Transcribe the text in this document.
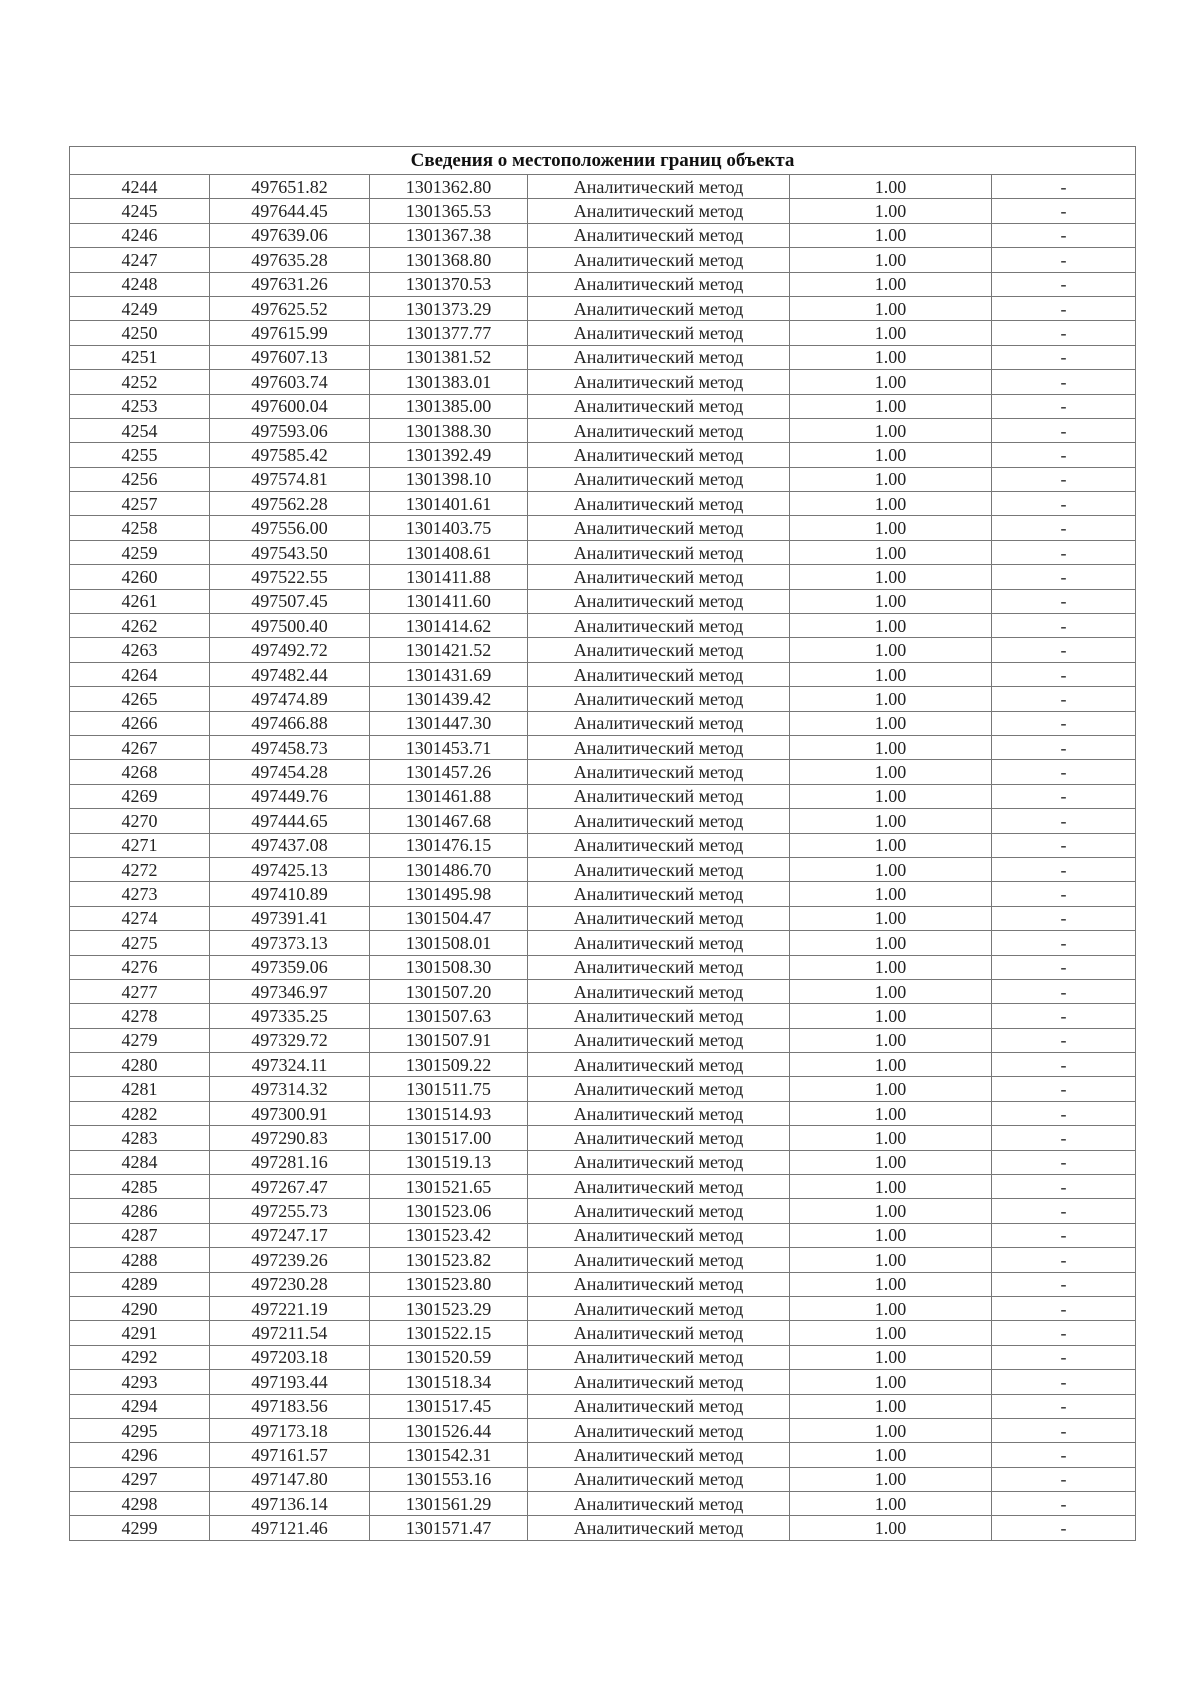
Сведения о местоположении границ объекта					
4244	497651.82	1301362.80	Аналитический метод	1.00	-
4245	497644.45	1301365.53	Аналитический метод	1.00	-
4246	497639.06	1301367.38	Аналитический метод	1.00	-
4247	497635.28	1301368.80	Аналитический метод	1.00	-
4248	497631.26	1301370.53	Аналитический метод	1.00	-
4249	497625.52	1301373.29	Аналитический метод	1.00	-
4250	497615.99	1301377.77	Аналитический метод	1.00	-
4251	497607.13	1301381.52	Аналитический метод	1.00	-
4252	497603.74	1301383.01	Аналитический метод	1.00	-
4253	497600.04	1301385.00	Аналитический метод	1.00	-
4254	497593.06	1301388.30	Аналитический метод	1.00	-
4255	497585.42	1301392.49	Аналитический метод	1.00	-
4256	497574.81	1301398.10	Аналитический метод	1.00	-
4257	497562.28	1301401.61	Аналитический метод	1.00	-
4258	497556.00	1301403.75	Аналитический метод	1.00	-
4259	497543.50	1301408.61	Аналитический метод	1.00	-
4260	497522.55	1301411.88	Аналитический метод	1.00	-
4261	497507.45	1301411.60	Аналитический метод	1.00	-
4262	497500.40	1301414.62	Аналитический метод	1.00	-
4263	497492.72	1301421.52	Аналитический метод	1.00	-
4264	497482.44	1301431.69	Аналитический метод	1.00	-
4265	497474.89	1301439.42	Аналитический метод	1.00	-
4266	497466.88	1301447.30	Аналитический метод	1.00	-
4267	497458.73	1301453.71	Аналитический метод	1.00	-
4268	497454.28	1301457.26	Аналитический метод	1.00	-
4269	497449.76	1301461.88	Аналитический метод	1.00	-
4270	497444.65	1301467.68	Аналитический метод	1.00	-
4271	497437.08	1301476.15	Аналитический метод	1.00	-
4272	497425.13	1301486.70	Аналитический метод	1.00	-
4273	497410.89	1301495.98	Аналитический метод	1.00	-
4274	497391.41	1301504.47	Аналитический метод	1.00	-
4275	497373.13	1301508.01	Аналитический метод	1.00	-
4276	497359.06	1301508.30	Аналитический метод	1.00	-
4277	497346.97	1301507.20	Аналитический метод	1.00	-
4278	497335.25	1301507.63	Аналитический метод	1.00	-
4279	497329.72	1301507.91	Аналитический метод	1.00	-
4280	497324.11	1301509.22	Аналитический метод	1.00	-
4281	497314.32	1301511.75	Аналитический метод	1.00	-
4282	497300.91	1301514.93	Аналитический метод	1.00	-
4283	497290.83	1301517.00	Аналитический метод	1.00	-
4284	497281.16	1301519.13	Аналитический метод	1.00	-
4285	497267.47	1301521.65	Аналитический метод	1.00	-
4286	497255.73	1301523.06	Аналитический метод	1.00	-
4287	497247.17	1301523.42	Аналитический метод	1.00	-
4288	497239.26	1301523.82	Аналитический метод	1.00	-
4289	497230.28	1301523.80	Аналитический метод	1.00	-
4290	497221.19	1301523.29	Аналитический метод	1.00	-
4291	497211.54	1301522.15	Аналитический метод	1.00	-
4292	497203.18	1301520.59	Аналитический метод	1.00	-
4293	497193.44	1301518.34	Аналитический метод	1.00	-
4294	497183.56	1301517.45	Аналитический метод	1.00	-
4295	497173.18	1301526.44	Аналитический метод	1.00	-
4296	497161.57	1301542.31	Аналитический метод	1.00	-
4297	497147.80	1301553.16	Аналитический метод	1.00	-
4298	497136.14	1301561.29	Аналитический метод	1.00	-
4299	497121.46	1301571.47	Аналитический метод	1.00	-
